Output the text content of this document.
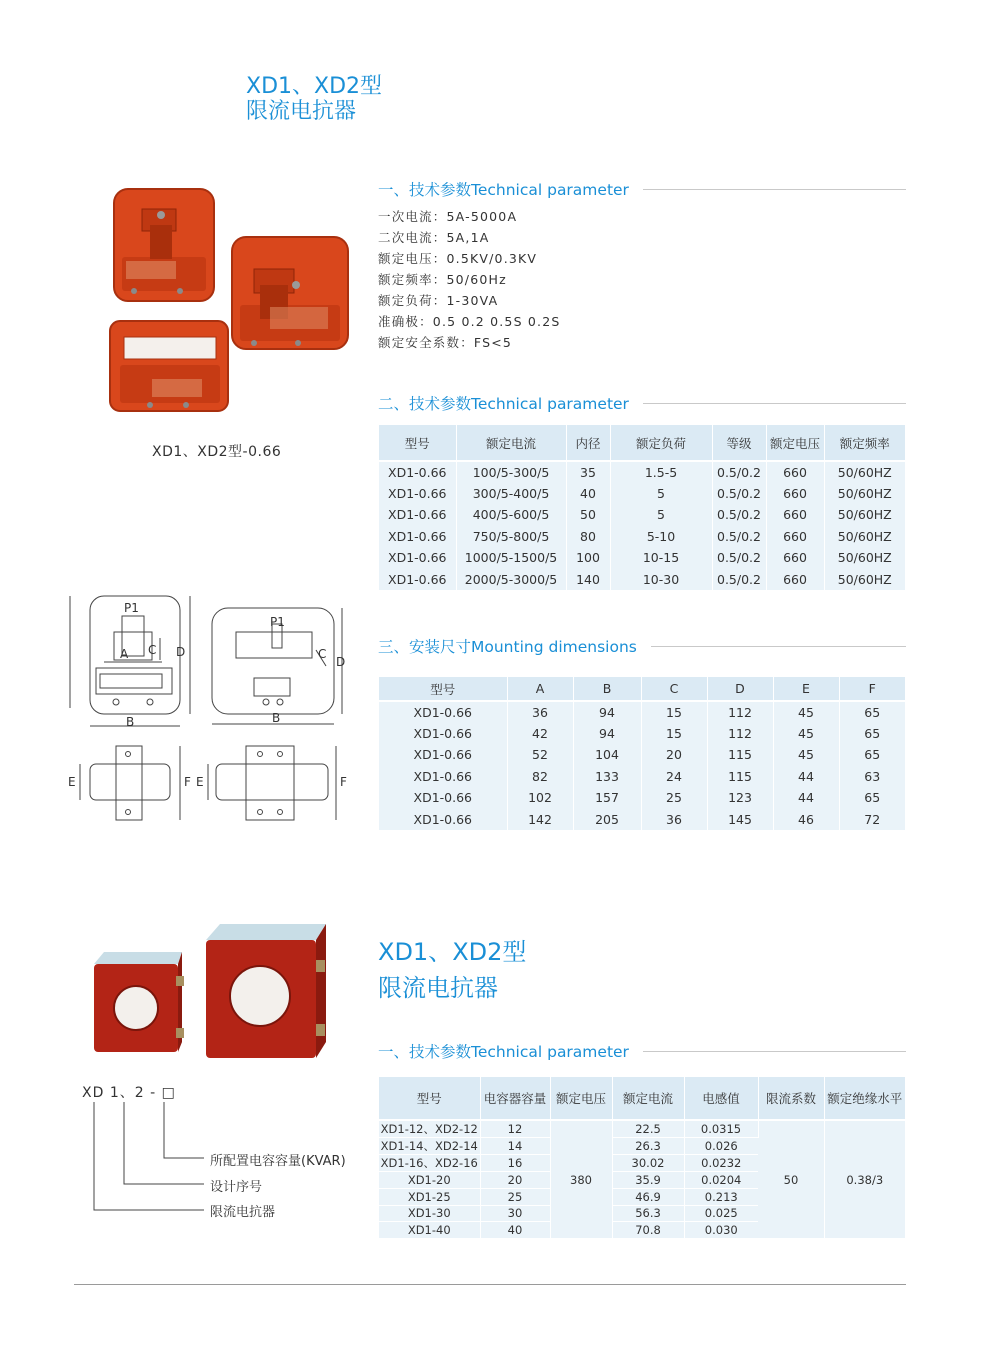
XD1、XD2型
限流电抗器
XD1、XD2型-0.66
一、技术参数Technical parameter
一次电流：5A-5000A
二次电流：5A,1A
额定电压：0.5KV/0.3KV
额定频率：50/60Hz
额定负荷：1-30VA
准确极：0.5 0.2 0.5S 0.2S
额定安全系数：FS<5
二、技术参数Technical parameter
型号	额定电流	内径	额定负荷	等级	额定电压	额定频率
XD1-0.66	100/5-300/5	35	1.5-5	0.5/0.2	660	50/60HZ
XD1-0.66	300/5-400/5	40	5	0.5/0.2	660	50/60HZ
XD1-0.66	400/5-600/5	50	5	0.5/0.2	660	50/60HZ
XD1-0.66	750/5-800/5	80	5-10	0.5/0.2	660	50/60HZ
XD1-0.66	1000/5-1500/5	100	10-15	0.5/0.2	660	50/60HZ
XD1-0.66	2000/5-3000/5	140	10-30	0.5/0.2	660	50/60HZ
P1
A C D
B
P1
C
D
B
E	F E	F
三、安装尺寸Mounting dimensions
型号	A	B	C	D	E	F
XD1-0.66	36	94	15	112	45	65
XD1-0.66	42	94	15	112	45	65
XD1-0.66	52	104	20	115	45	65
XD1-0.66	82	133	24	115	44	63
XD1-0.66	102	157	25	123	44	65
XD1-0.66	142	205	36	145	46	72
XD1、XD2型
限流电抗器
XD 1、2 - □
所配置电容容量(KVAR)
设计序号
限流电抗器
一、技术参数Technical parameter
型号	电容器容量	额定电压	额定电流	电感值	限流系数	额定绝缘水平
XD1-12、XD2-12	12	380	22.5	0.0315	50	0.38/3
XD1-14、XD2-14	14		26.3	0.026		
XD1-16、XD2-16	16		30.02	0.0232		
XD1-20	20		35.9	0.0204		
XD1-25	25		46.9	0.213		
XD1-30	30		56.3	0.025		
XD1-40	40		70.8	0.030		
